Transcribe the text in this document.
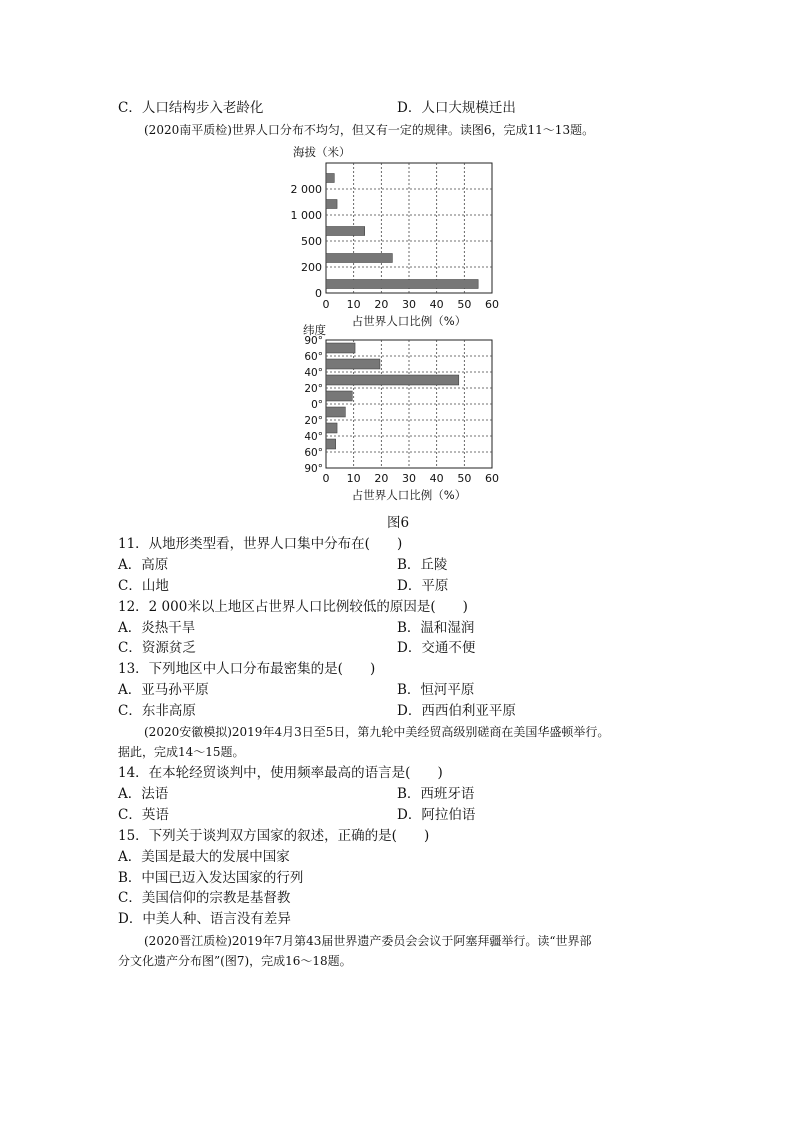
C．人口结构步入老龄化	D．人口大规模迁出
(2020南平质检)世界人口分布不均匀，但又有一定的规律。读图6，完成11～13题。
0
200
500
1 000
2 000
0 10 20 30 40 50 60
海拔（米）
占世界人口比例（%）
90°
60°
40°
20°
0°
20°
40°
60°
90°
0 10 20 30 40 50 60
纬度
占世界人口比例（%）
图6
11．从地形类型看，世界人口集中分布在(　　)
A．高原	B．丘陵
C．山地	D．平原
12．2 000米以上地区占世界人口比例较低的原因是(　　)
A．炎热干旱	B．温和湿润
C．资源贫乏	D．交通不便
13．下列地区中人口分布最密集的是(　　)
A．亚马孙平原	B．恒河平原
C．东非高原	D．西西伯利亚平原
(2020安徽模拟)2019年4月3日至5日，第九轮中美经贸高级别磋商在美国华盛顿举行。
据此，完成14～15题。
14．在本轮经贸谈判中，使用频率最高的语言是(　　)
A．法语	B．西班牙语
C．英语	D．阿拉伯语
15．下列关于谈判双方国家的叙述，正确的是(　　)
A．美国是最大的发展中国家
B．中国已迈入发达国家的行列
C．美国信仰的宗教是基督教
D．中美人种、语言没有差异
(2020晋江质检)2019年7月第43届世界遗产委员会会议于阿塞拜疆举行。读“世界部
分文化遗产分布图”(图7)，完成16～18题。
